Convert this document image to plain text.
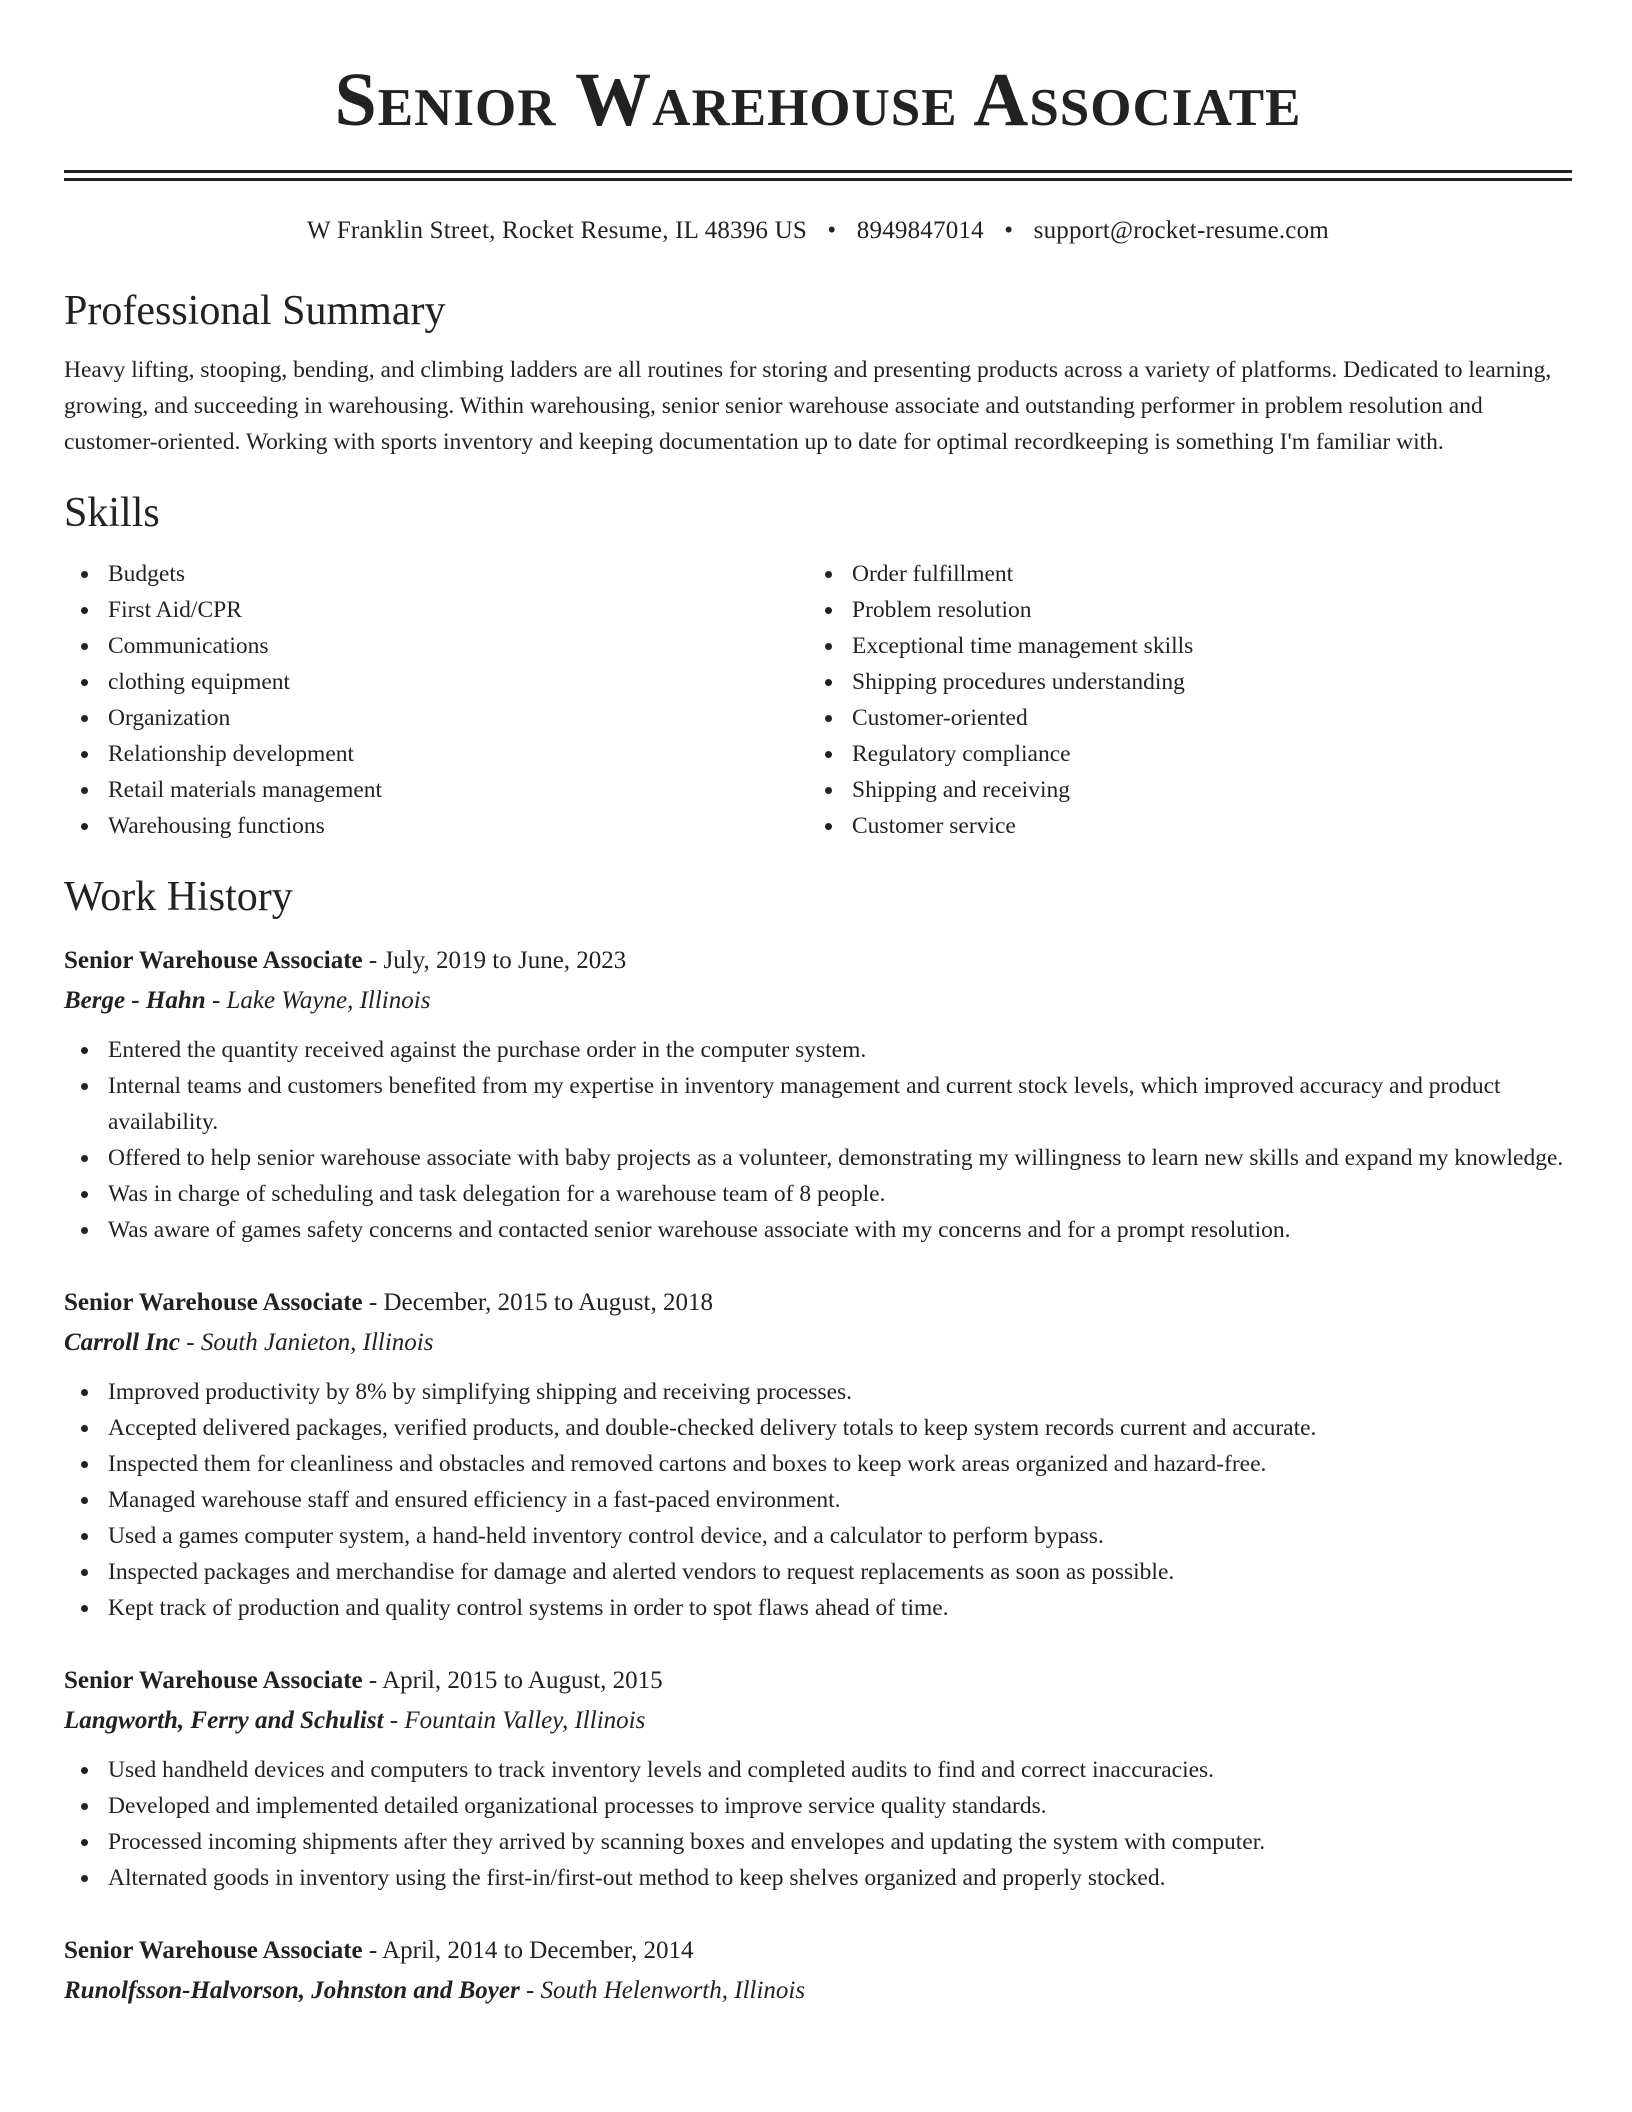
Senior Warehouse Associate
W Franklin Street, Rocket Resume, IL 48396 US • 8949847014 • support@rocket-resume.com
Professional Summary

Heavy lifting, stooping, bending, and climbing ladders are all routines for storing and presenting products across a variety of platforms. Dedicated to learning, growing, and succeeding in warehousing. Within warehousing, senior senior warehouse associate and outstanding performer in problem resolution and customer-oriented. Working with sports inventory and keeping documentation up to date for optimal recordkeeping is something I'm familiar with.

Skills
Budgets
First Aid/CPR
Communications
clothing equipment
Organization
Relationship development
Retail materials management
Warehousing functions
Order fulfillment
Problem resolution
Exceptional time management skills
Shipping procedures understanding
Customer-oriented
Regulatory compliance
Shipping and receiving
Customer service
Work History
Senior Warehouse Associate - July, 2019 to June, 2023
Berge - Hahn - Lake Wayne, Illinois
Entered the quantity received against the purchase order in the computer system.
Internal teams and customers benefited from my expertise in inventory management and current stock levels, which improved accuracy and product availability.
Offered to help senior warehouse associate with baby projects as a volunteer, demonstrating my willingness to learn new skills and expand my knowledge.
Was in charge of scheduling and task delegation for a warehouse team of 8 people.
Was aware of games safety concerns and contacted senior warehouse associate with my concerns and for a prompt resolution.
Senior Warehouse Associate - December, 2015 to August, 2018
Carroll Inc - South Janieton, Illinois
Improved productivity by 8% by simplifying shipping and receiving processes.
Accepted delivered packages, verified products, and double-checked delivery totals to keep system records current and accurate.
Inspected them for cleanliness and obstacles and removed cartons and boxes to keep work areas organized and hazard-free.
Managed warehouse staff and ensured efficiency in a fast-paced environment.
Used a games computer system, a hand-held inventory control device, and a calculator to perform bypass.
Inspected packages and merchandise for damage and alerted vendors to request replacements as soon as possible.
Kept track of production and quality control systems in order to spot flaws ahead of time.
Senior Warehouse Associate - April, 2015 to August, 2015
Langworth, Ferry and Schulist - Fountain Valley, Illinois
Used handheld devices and computers to track inventory levels and completed audits to find and correct inaccuracies.
Developed and implemented detailed organizational processes to improve service quality standards.
Processed incoming shipments after they arrived by scanning boxes and envelopes and updating the system with computer.
Alternated goods in inventory using the first-in/first-out method to keep shelves organized and properly stocked.
Senior Warehouse Associate - April, 2014 to December, 2014
Runolfsson-Halvorson, Johnston and Boyer - South Helenworth, Illinois
